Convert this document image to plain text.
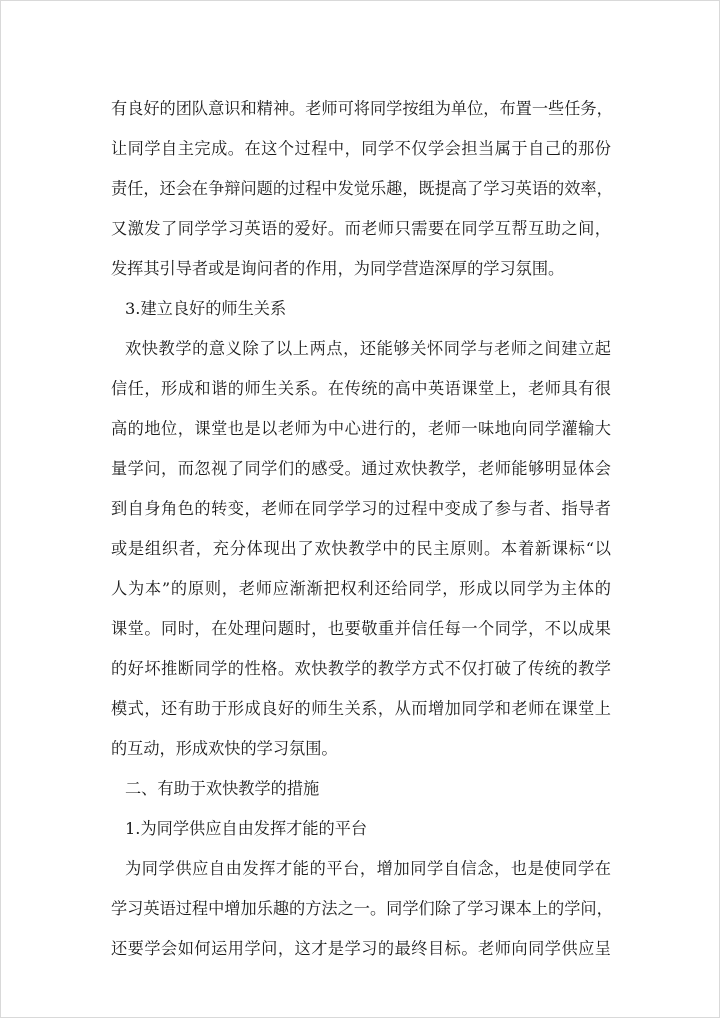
有良好的团队意识和精神。老师可将同学按组为单位，布置一些任务，
让同学自主完成。在这个过程中，同学不仅学会担当属于自己的那份
责任，还会在争辩问题的过程中发觉乐趣，既提高了学习英语的效率，
又激发了同学学习英语的爱好。而老师只需要在同学互帮互助之间，
发挥其引导者或是询问者的作用，为同学营造深厚的学习氛围。
3.建立良好的师生关系
欢快教学的意义除了以上两点，还能够关怀同学与老师之间建立起
信任，形成和谐的师生关系。在传统的高中英语课堂上，老师具有很
高的地位，课堂也是以老师为中心进行的，老师一味地向同学灌输大
量学问，而忽视了同学们的感受。通过欢快教学，老师能够明显体会
到自身角色的转变，老师在同学学习的过程中变成了参与者、指导者
或是组织者，充分体现出了欢快教学中的民主原则。本着新课标“以
人为本”的原则，老师应渐渐把权利还给同学，形成以同学为主体的
课堂。同时，在处理问题时，也要敬重并信任每一个同学，不以成果
的好坏推断同学的性格。欢快教学的教学方式不仅打破了传统的教学
模式，还有助于形成良好的师生关系，从而增加同学和老师在课堂上
的互动，形成欢快的学习氛围。
二、有助于欢快教学的措施
1.为同学供应自由发挥才能的平台
为同学供应自由发挥才能的平台，增加同学自信念，也是使同学在
学习英语过程中增加乐趣的方法之一。同学们除了学习课本上的学问，
还要学会如何运用学问，这才是学习的最终目标。老师向同学供应呈
